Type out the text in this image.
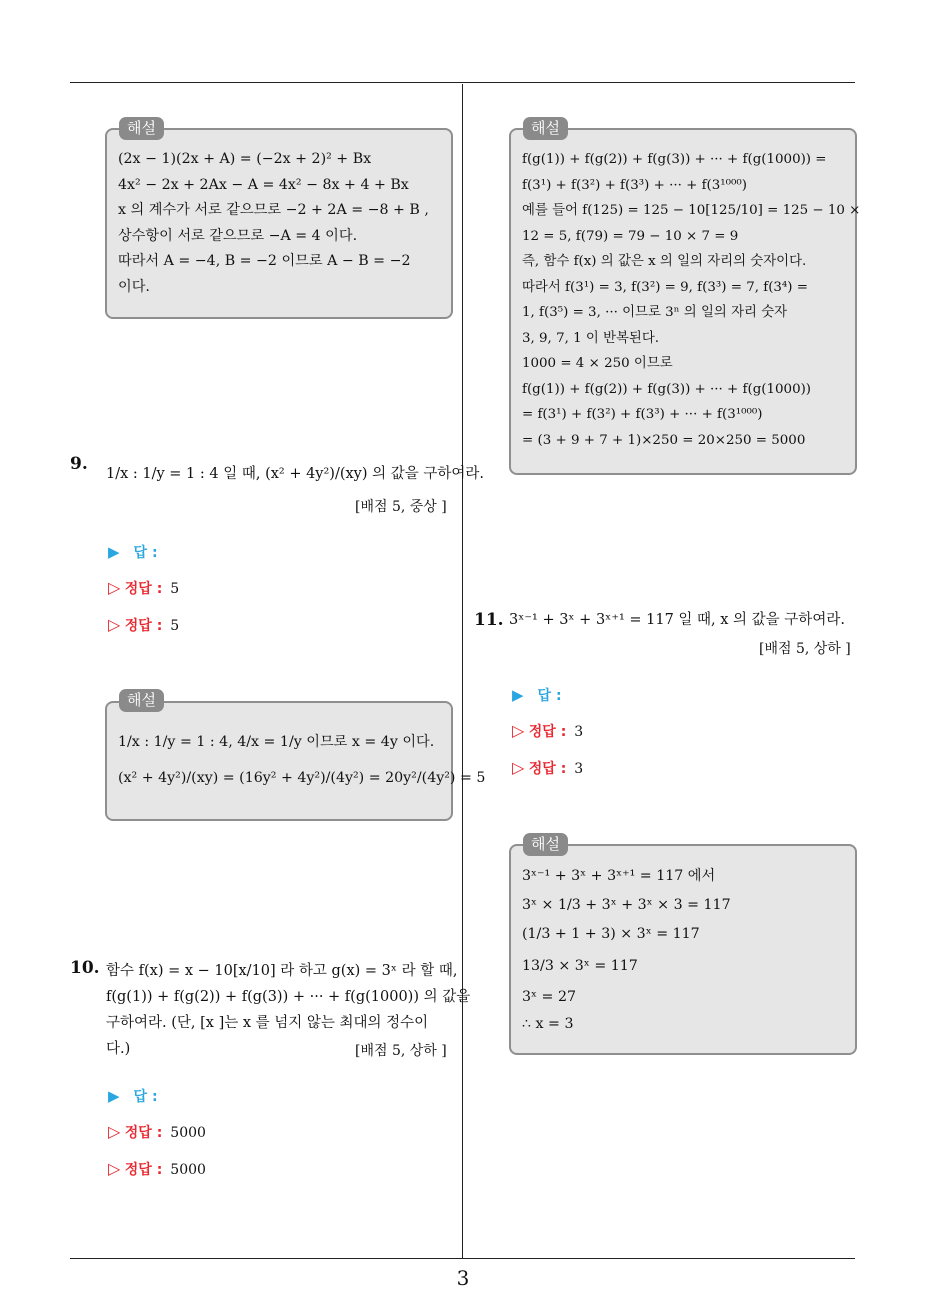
3
해설
(2x − 1)(2x + A) = (−2x + 2)² + Bx
4x² − 2x + 2Ax − A = 4x² − 8x + 4 + Bx
x 의 계수가 서로 같으므로 −2 + 2A = −8 + B ,
상수항이 서로 같으므로 −A = 4 이다.
따라서 A = −4, B = −2 이므로 A − B = −2
이다.
9. 1/x : 1/y = 1 : 4 일 때, (x² + 4y²)/(xy) 의 값을 구하여라.
[배점 5, 중상 ]
▶ 답 :
▷ 정답 : 5
▷ 정답 : 5
해설
1/x : 1/y = 1 : 4, 4/x = 1/y 이므로 x = 4y 이다.
(x² + 4y²)/(xy) = (16y² + 4y²)/(4y²) = 20y²/(4y²) = 5
10. 함수 f(x) = x − 10[x/10] 라 하고 g(x) = 3ˣ 라 할 때,
f(g(1)) + f(g(2)) + f(g(3)) + ··· + f(g(1000)) 의 값을
구하여라. (단, [x ]는 x 를 넘지 않는 최대의 정수이
다.)	[배점 5, 상하 ]
▶ 답 :
▷ 정답 : 5000
▷ 정답 : 5000
해설
f(g(1)) + f(g(2)) + f(g(3)) + ··· + f(g(1000)) =
f(3¹) + f(3²) + f(3³) + ··· + f(3¹⁰⁰⁰)
예를 들어 f(125) = 125 − 10[125/10] = 125 − 10 ×
12 = 5, f(79) = 79 − 10 × 7 = 9
즉, 함수 f(x) 의 값은 x 의 일의 자리의 숫자이다.
따라서 f(3¹) = 3, f(3²) = 9, f(3³) = 7, f(3⁴) =
1, f(3⁵) = 3, ··· 이므로 3ⁿ 의 일의 자리 숫자
3, 9, 7, 1 이 반복된다.
1000 = 4 × 250 이므로
f(g(1)) + f(g(2)) + f(g(3)) + ··· + f(g(1000))
= f(3¹) + f(3²) + f(3³) + ··· + f(3¹⁰⁰⁰)
= (3 + 9 + 7 + 1)×250 = 20×250 = 5000
11. 3ˣ⁻¹ + 3ˣ + 3ˣ⁺¹ = 117 일 때, x 의 값을 구하여라.
[배점 5, 상하 ]
▶ 답 :
▷ 정답 : 3
▷ 정답 : 3
해설
3ˣ⁻¹ + 3ˣ + 3ˣ⁺¹ = 117 에서
3ˣ × 1/3 + 3ˣ + 3ˣ × 3 = 117
(1/3 + 1 + 3) × 3ˣ = 117
13/3 × 3ˣ = 117
3ˣ = 27
∴ x = 3
